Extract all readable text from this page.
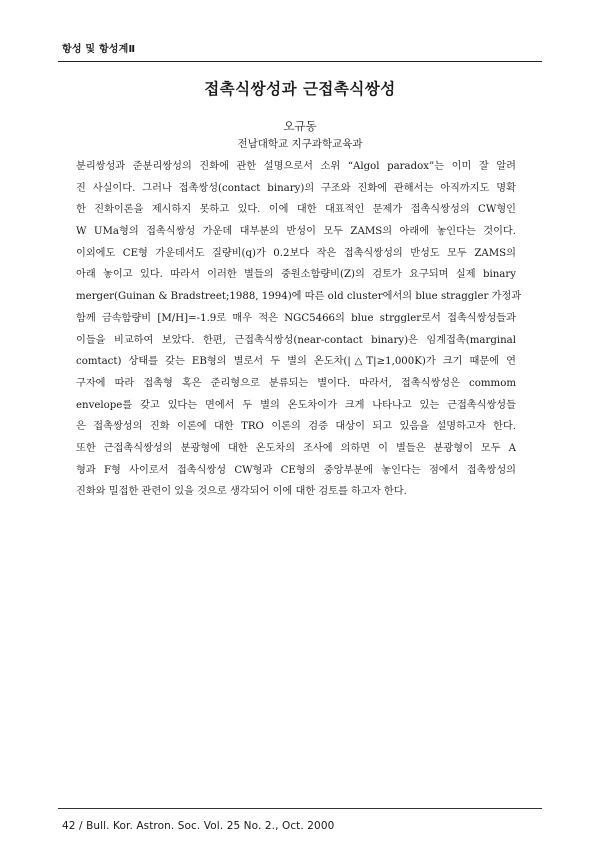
항성 및 항성계Ⅱ
접촉식쌍성과 근접촉식쌍성
오규동
전남대학교 지구과학교육과
분리쌍성과 준분리쌍성의 진화에 관한 설명으로서 소위 “Algol paradox”는 이미 잘 알려
진 사실이다. 그러나 접촉쌍성(contact binary)의 구조와 진화에 관해서는 아직까지도 명확
한 진화이론을 제시하지 못하고 있다. 이에 대한 대표적인 문제가 접촉식쌍성의 CW형인
W UMa형의 접촉식쌍성 가운데 대부분의 반성이 모두 ZAMS의 아래에 놓인다는 것이다.
이외에도 CE형 가운데서도 질량비(q)가 0.2보다 작은 접촉식쌍성의 반성도 모두 ZAMS의
아래 놓이고 있다. 따라서 이러한 별들의 중원소함량비(Z)의 검토가 요구되며 실제 binary
merger(Guinan & Bradstreet;1988, 1994)에 따른 old cluster에서의 blue straggler 가정과
함께 금속함량비 [M/H]=-1.9로 매우 적은 NGC5466의 blue strggler로서 접촉식쌍성들과
이들을 비교하여 보았다. 한편, 근접촉식쌍성(near-contact binary)은 임계접촉(marginal
comtact) 상태를 갖는 EB형의 별로서 두 별의 온도차(|△T|≥1,000K)가 크기 때문에 연
구자에 따라 접촉형 혹은 준리형으로 분류되는 별이다. 따라서, 접촉식쌍성은 commom
envelope를 갖고 있다는 면에서 두 별의 온도차이가 크게 나타나고 있는 근접촉식쌍성들
은 접촉쌍성의 진화 이론에 대한 TRO 이론의 검증 대상이 되고 있음을 설명하고자 한다.
또한 근접촉식쌍성의 분광형에 대한 온도차의 조사에 의하면 이 별들은 분광형이 모두 A
형과 F형 사이로서 접촉식쌍성 CW형과 CE형의 중앙부분에 놓인다는 점에서 접촉쌍성의
진화와 밀접한 관련이 있을 것으로 생각되어 이에 대한 검토를 하고자 한다.
42 / Bull. Kor. Astron. Soc. Vol. 25 No. 2., Oct. 2000
